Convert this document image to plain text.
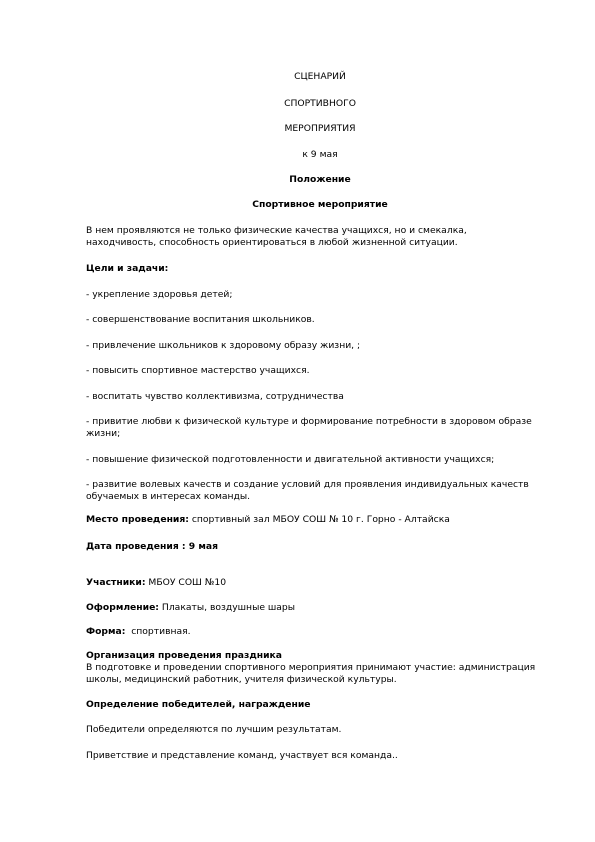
СЦЕНАРИЙ
СПОРТИВНОГО
МЕРОПРИЯТИЯ
к 9 мая
Положение
Спортивное мероприятие
В нем проявляются не только физические качества учащихся, но и смекалка, находчивость, способность ориентироваться в любой жизненной ситуации.
Цели и задачи:
- укрепление здоровья детей;
- совершенствование воспитания школьников.
- привлечение школьников к здоровому образу жизни, ;
- повысить спортивное мастерство учащихся.
- воспитать чувство коллективизма, сотрудничества
- привитие любви к физической культуре и формирование потребности в здоровом образе жизни;
- повышение физической подготовленности и двигательной активности учащихся;
- развитие волевых качеств и создание условий для проявления индивидуальных качеств обучаемых в интересах команды.
Место проведения: спортивный зал МБОУ СОШ № 10 г. Горно - Алтайска
Дата проведения : 9 мая
Участники: МБОУ СОШ №10
Оформление: Плакаты, воздушные шары
Форма:  спортивная.
Организация проведения праздника
В подготовке и проведении спортивного мероприятия принимают участие: администрация школы, медицинский работник, учителя физической культуры.
Определение победителей, награждение
Победители определяются по лучшим результатам.
Приветствие и представление команд, участвует вся команда..
